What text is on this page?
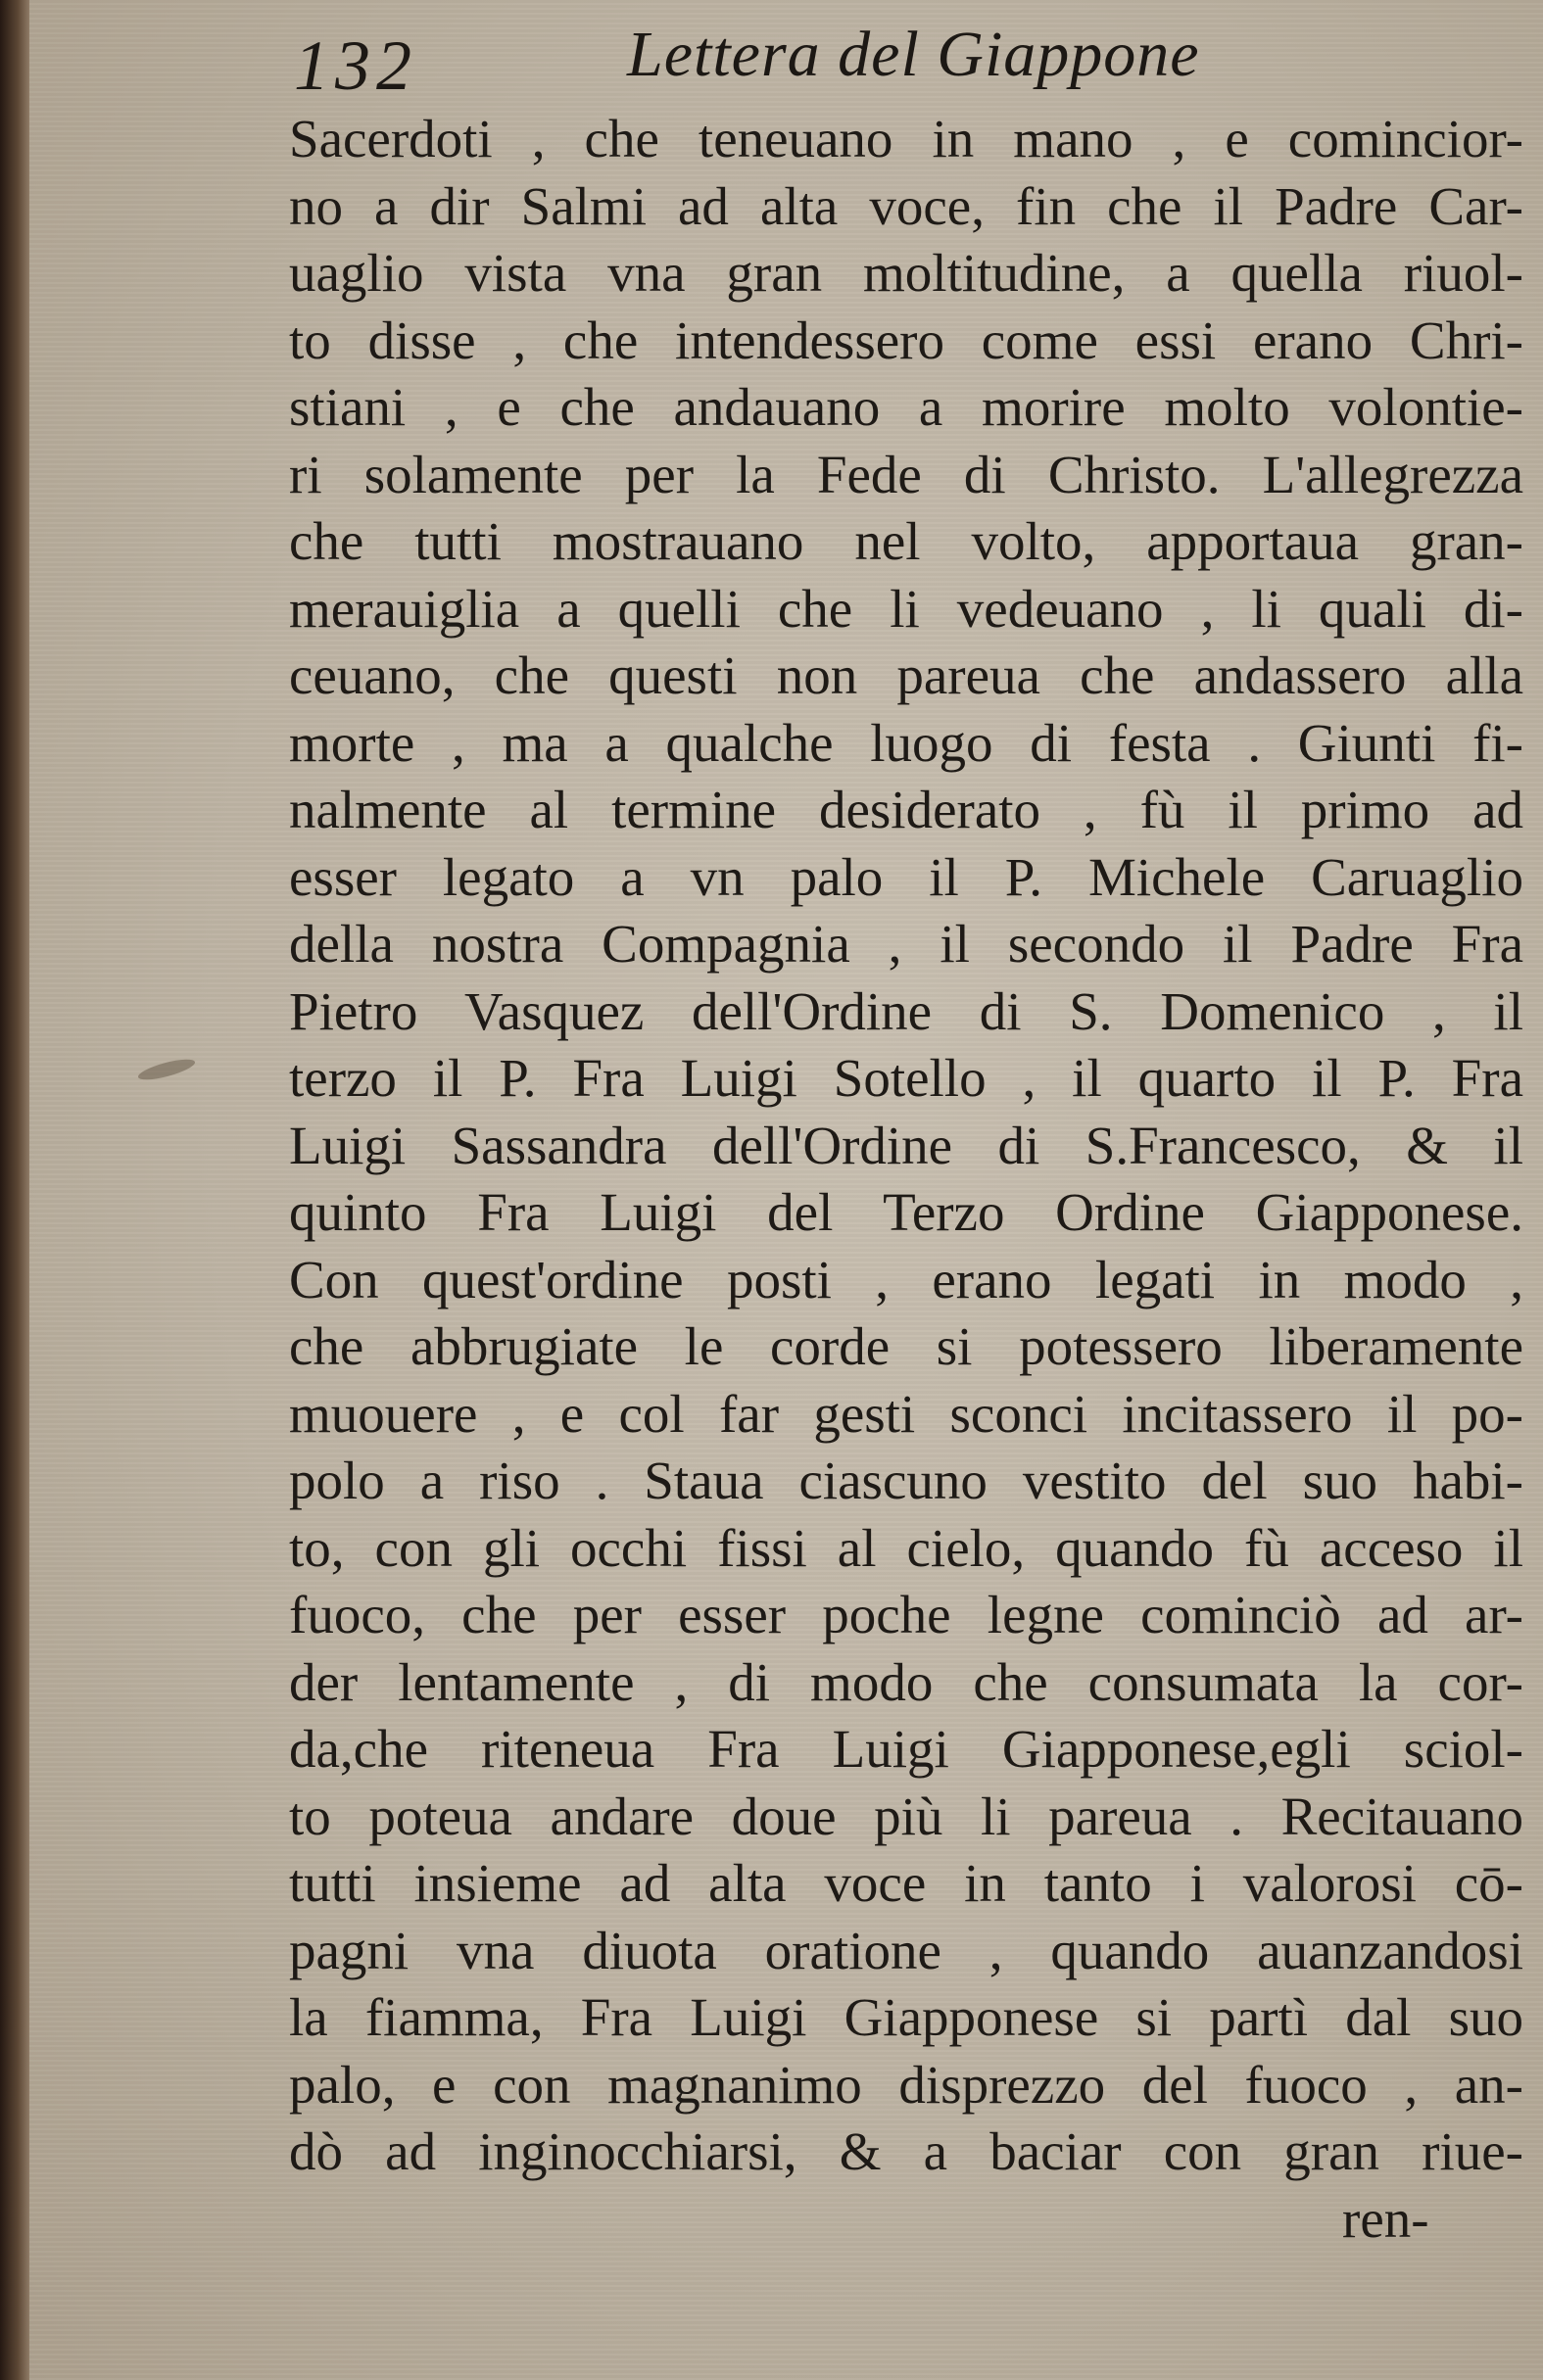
132	Lettera del Giappone
Sacerdoti , che teneuano in mano , e comincior-
no a dir Salmi ad alta voce, fin che il Padre Car-
uaglio vista vna gran moltitudine, a quella riuol-
to disse , che intendessero come essi erano Chri-
stiani , e che andauano a morire molto volontie-
ri solamente per la Fede di Christo. L'allegrezza
che tutti mostrauano nel volto, apportaua gran-
merauiglia a quelli che li vedeuano , li quali di-
ceuano, che questi non pareua che andassero alla
morte , ma a qualche luogo di festa . Giunti fi-
nalmente al termine desiderato , fù il primo ad
esser legato a vn palo il P. Michele Caruaglio
della nostra Compagnia , il secondo il Padre Fra
Pietro Vasquez dell'Ordine di S. Domenico , il
terzo il P. Fra Luigi Sotello , il quarto il P. Fra
Luigi Sassandra dell'Ordine di S.Francesco, & il
quinto Fra Luigi del Terzo Ordine Giapponese.
Con quest'ordine posti , erano legati in modo ,
che abbrugiate le corde si potessero liberamente
muouere , e col far gesti sconci incitassero il po-
polo a riso . Staua ciascuno vestito del suo habi-
to, con gli occhi fissi al cielo, quando fù acceso il
fuoco, che per esser poche legne cominciò ad ar-
der lentamente , di modo che consumata la cor-
da,che riteneua Fra Luigi Giapponese,egli sciol-
to poteua andare doue più li pareua . Recitauano
tutti insieme ad alta voce in tanto i valorosi cō-
pagni vna diuota oratione , quando auanzandosi
la fiamma, Fra Luigi Giapponese si partì dal suo
palo, e con magnanimo disprezzo del fuoco , an-
dò ad inginocchiarsi, & a baciar con gran riue-
ren-
